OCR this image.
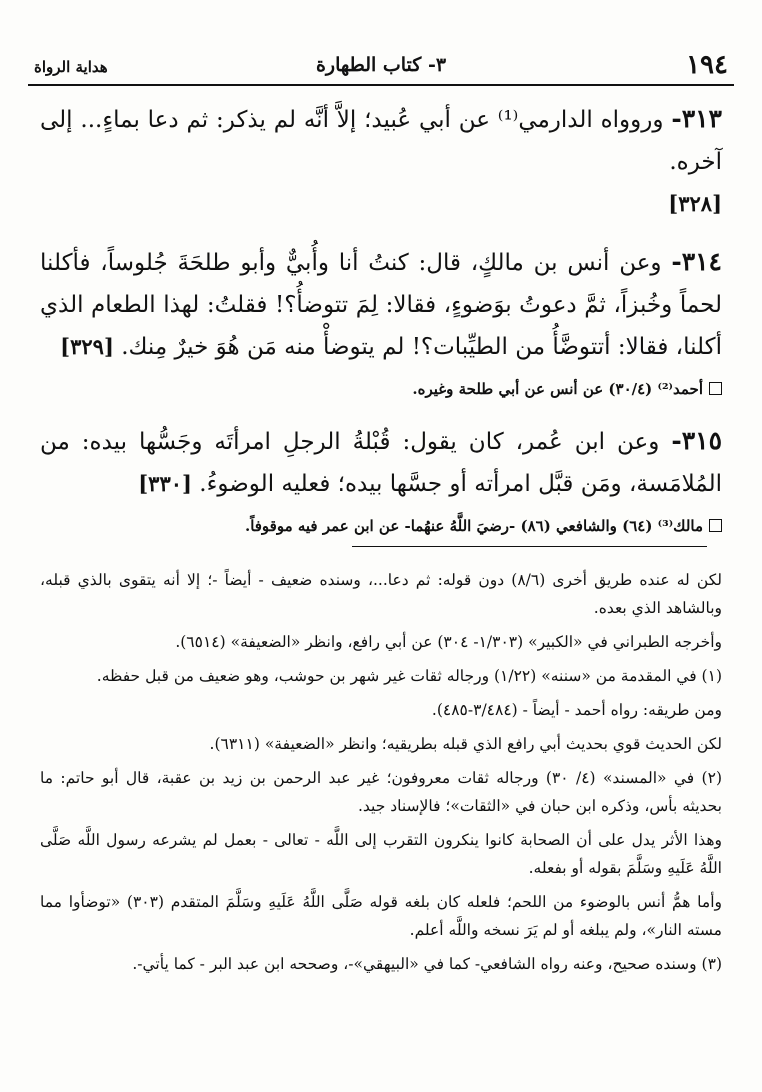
١٩٤
٣- كتاب الطهارة
هداية الرواة

٣١٣- وروواه الدارمي⁽¹⁾ عن أبي عُبيد؛ إلاَّ أنَّه لم يذكر: ثم دعا بماءٍ... إلى آخره.

[٣٢٨]

٣١٤- وعن أنس بن مالكٍ، قال: كنتُ أنا وأُبيٌّ وأبو طلحَةَ جُلوساً، فأكلنا لحماً وخُبزاً، ثمَّ دعوتُ بوَضوءٍ، فقالا: لِمَ تتوضأُ؟! فقلتُ: لهذا الطعام الذي أكلنا، فقالا: أتتوضَّأُ من الطيِّبات؟! لم يتوضأْ منه مَن هُوَ خيرٌ مِنك. [٣٢٩]

أحمد⁽²⁾ (٣٠/٤) عن أنس عن أبي طلحة وغيره.

٣١٥- وعن ابن عُمر، كان يقول: قُبْلةُ الرجلِ امرأتَه وجَسُّها بيده: من المُلامَسة، ومَن قبَّل امرأته أو جسَّها بيده؛ فعليه الوضوءُ. [٣٣٠]

مالك⁽³⁾ (٦٤) والشافعي (٨٦) -رضيَ اللَّهُ عنهُما- عن ابن عمر فيه موقوفاً.

لكن له عنده طريق أخرى (٨/٦) دون قوله: ثم دعا...، وسنده ضعيف - أيضاً -؛ إلا أنه يتقوى بالذي قبله، وبالشاهد الذي بعده.

وأخرجه الطبراني في «الكبير» (١/٣٠٣- ٣٠٤) عن أبي رافع، وانظر «الضعيفة» (٦٥١٤).

(١) في المقدمة من «سننه» (١/٢٢) ورجاله ثقات غير شهر بن حوشب، وهو ضعيف من قبل حفظه.

ومن طريقه: رواه أحمد - أيضاً - (٣/٤٨٤-٤٨٥).

لكن الحديث قوي بحديث أبي رافع الذي قبله بطريقيه؛ وانظر «الضعيفة» (٦٣١١).

(٢) في «المسند» (٤/ ٣٠) ورجاله ثقات معروفون؛ غير عبد الرحمن بن زيد بن عقبة، قال أبو حاتم: ما بحديثه بأس، وذكره ابن حبان في «الثقات»؛ فالإسناد جيد.

وهذا الأثر يدل على أن الصحابة كانوا ينكرون التقرب إلى اللَّه - تعالى - بعمل لم يشرعه رسول اللَّه صَلَّى اللَّهُ عَلَيهِ وسَلَّمَ بقوله أو بفعله.

وأما همُّ أنس بالوضوء من اللحم؛ فلعله كان بلغه قوله صَلَّى اللَّهُ عَلَيهِ وسَلَّمَ المتقدم (٣٠٣) «توضأوا مما مسته النار»، ولم يبلغه أو لم يَرَ نسخه واللَّه أعلم.

(٣) وسنده صحيح، وعنه رواه الشافعي- كما في «البيهقي»-، وصححه ابن عبد البر - كما يأتي-.
